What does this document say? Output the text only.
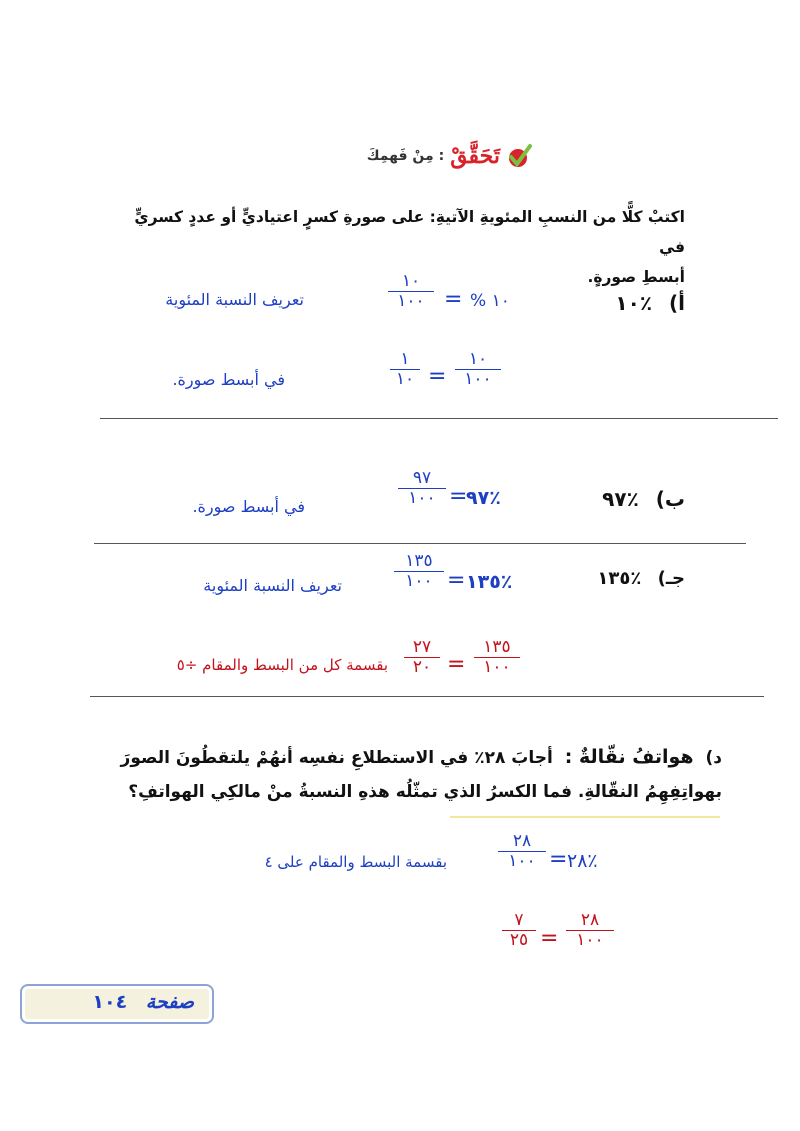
تَحَقَّقْ
مِنْ فَهمِكَ :
اكتبْ كلًّا من النسبِ المئويةِ الآتيةِ: على صورةِ كسرٍ اعتياديٍّ أو عددٍ كسريٍّ في
أبسطِ صورةٍ.
أ) ٪١٠
١٠ %
=
١٠
١٠٠
تعريف النسبة المئوية
١
١٠ =
١٠
١٠٠
في أبسط صورة.
ب) ٪٩٧
٪٩٧
=
٩٧
١٠٠
في أبسط صورة.
جـ) ٪١٣٥
٪١٣٥
=
١٣٥
١٠٠
تعريف النسبة المئوية
٢٧
٢٠ =
١٣٥
١٠٠
بقسمة كل من البسط والمقام ÷٥
د) هواتفُ نقّالةٌ : أجابَ ٢٨٪ في الاستطلاعِ نفسِه أنهُمْ يلتقطُونَ الصورَ
بهواتِفِهِمُ النقّالةِ. فما الكسرُ الذي تمثّلُه هذهِ النسبةُ منْ مالكِي الهواتفِ؟
٪٢٨
=
٢٨
١٠٠
بقسمة البسط والمقام على ٤
٧
٢٥ =
٢٨
١٠٠
صفحة ١٠٤
